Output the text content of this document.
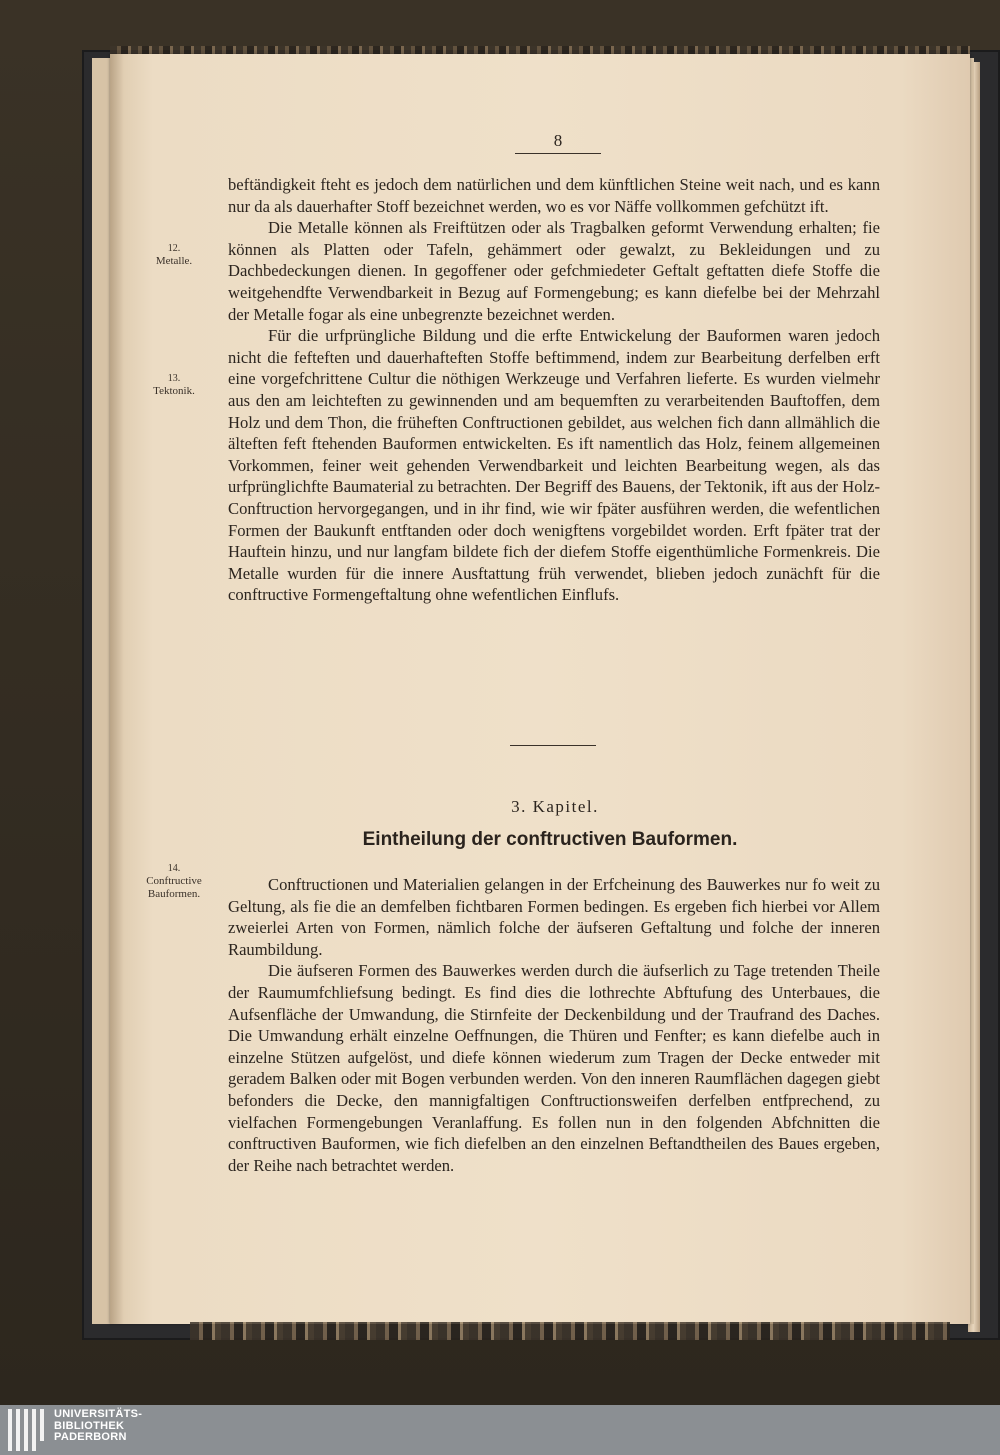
8

beftändigkeit fteht es jedoch dem natürlichen und dem künftlichen Steine weit nach, und es kann nur da als dauerhafter Stoff bezeichnet werden, wo es vor Näffe vollkommen gefchützt ift.

Die Metalle können als Freiftützen oder als Tragbalken geformt Verwendung erhalten; fie können als Platten oder Tafeln, gehämmert oder gewalzt, zu Bekleidungen und zu Dachbedeckungen dienen. In gegoffener oder gefchmiedeter Geftalt geftatten diefe Stoffe die weitgehendfte Verwendbarkeit in Bezug auf Formengebung; es kann diefelbe bei der Mehrzahl der Metalle fogar als eine unbegrenzte bezeichnet werden.

Für die urfprüngliche Bildung und die erfte Entwickelung der Bauformen waren jedoch nicht die fefteften und dauerhafteften Stoffe beftimmend, indem zur Bearbeitung derfelben erft eine vorgefchrittene Cultur die nöthigen Werkzeuge und Verfahren lieferte. Es wurden vielmehr aus den am leichteften zu gewinnenden und am bequemften zu verarbeitenden Bauftoffen, dem Holz und dem Thon, die früheften Conftructionen gebildet, aus welchen fich dann allmählich die älteften feft ftehenden Bauformen entwickelten. Es ift namentlich das Holz, feinem allgemeinen Vorkommen, feiner weit gehenden Verwendbarkeit und leichten Bearbeitung wegen, als das urfprünglichfte Baumaterial zu betrachten. Der Begriff des Bauens, der Tektonik, ift aus der Holz-Conftruction hervorgegangen, und in ihr find, wie wir fpäter ausführen werden, die wefentlichen Formen der Baukunft entftanden oder doch wenigftens vorgebildet worden. Erft fpäter trat der Hauftein hinzu, und nur langfam bildete fich der diefem Stoffe eigenthümliche Formenkreis. Die Metalle wurden für die innere Ausftattung früh verwendet, blieben jedoch zunächft für die conftructive Formengeftaltung ohne wefentlichen Einflufs.

12.
Metalle.
13.
Tektonik.
3. Kapitel.
Eintheilung der conftructiven Bauformen.

Conftructionen und Materialien gelangen in der Erfcheinung des Bauwerkes nur fo weit zu Geltung, als fie die an demfelben fichtbaren Formen bedingen. Es ergeben fich hierbei vor Allem zweierlei Arten von Formen, nämlich folche der äufseren Geftaltung und folche der inneren Raumbildung.

Die äufseren Formen des Bauwerkes werden durch die äufserlich zu Tage tretenden Theile der Raumumfchliefsung bedingt. Es find dies die lothrechte Abftufung des Unterbaues, die Aufsenfläche der Umwandung, die Stirnfeite der Deckenbildung und der Traufrand des Daches. Die Umwandung erhält einzelne Oeffnungen, die Thüren und Fenfter; es kann diefelbe auch in einzelne Stützen aufgelöst, und diefe können wiederum zum Tragen der Decke entweder mit geradem Balken oder mit Bogen verbunden werden. Von den inneren Raumflächen dagegen giebt befonders die Decke, den mannigfaltigen Conftructionsweifen derfelben entfprechend, zu vielfachen Formengebungen Veranlaffung. Es follen nun in den folgenden Abfchnitten die conftructiven Bauformen, wie fich diefelben an den einzelnen Beftandtheilen des Baues ergeben, der Reihe nach betrachtet werden.

14.
Conftructive
Bauformen.
UNIVERSITÄTS-
BIBLIOTHEK
PADERBORN
